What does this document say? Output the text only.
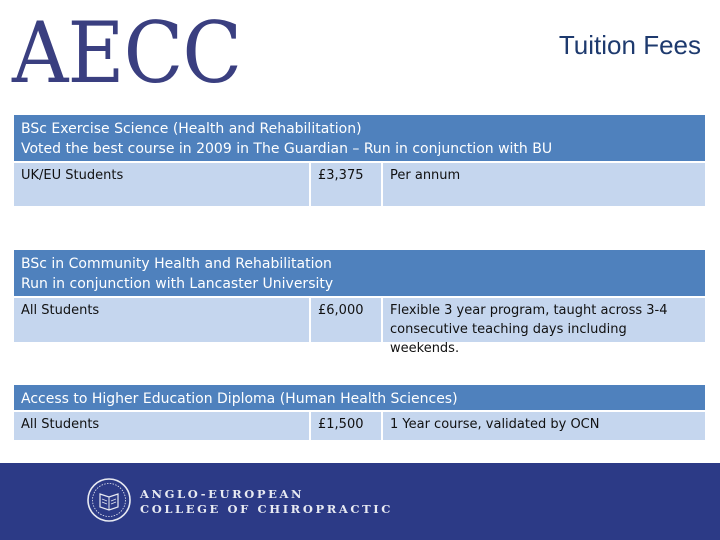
AECC	Tuition Fees
BSc Exercise Science (Health and Rehabilitation)
Voted the best course in 2009 in The Guardian – Run in conjunction with BU
UK/EU Students	£3,375	Per annum
BSc in Community Health and Rehabilitation
Run in conjunction with Lancaster University
All Students	£6,000	Flexible 3 year program, taught across 3-4
consecutive teaching days including weekends.
Access to Higher Education Diploma (Human Health Sciences)
All Students	£1,500	1 Year course, validated by OCN
ANGLO-EUROPEAN
COLLEGE OF CHIROPRACTIC
